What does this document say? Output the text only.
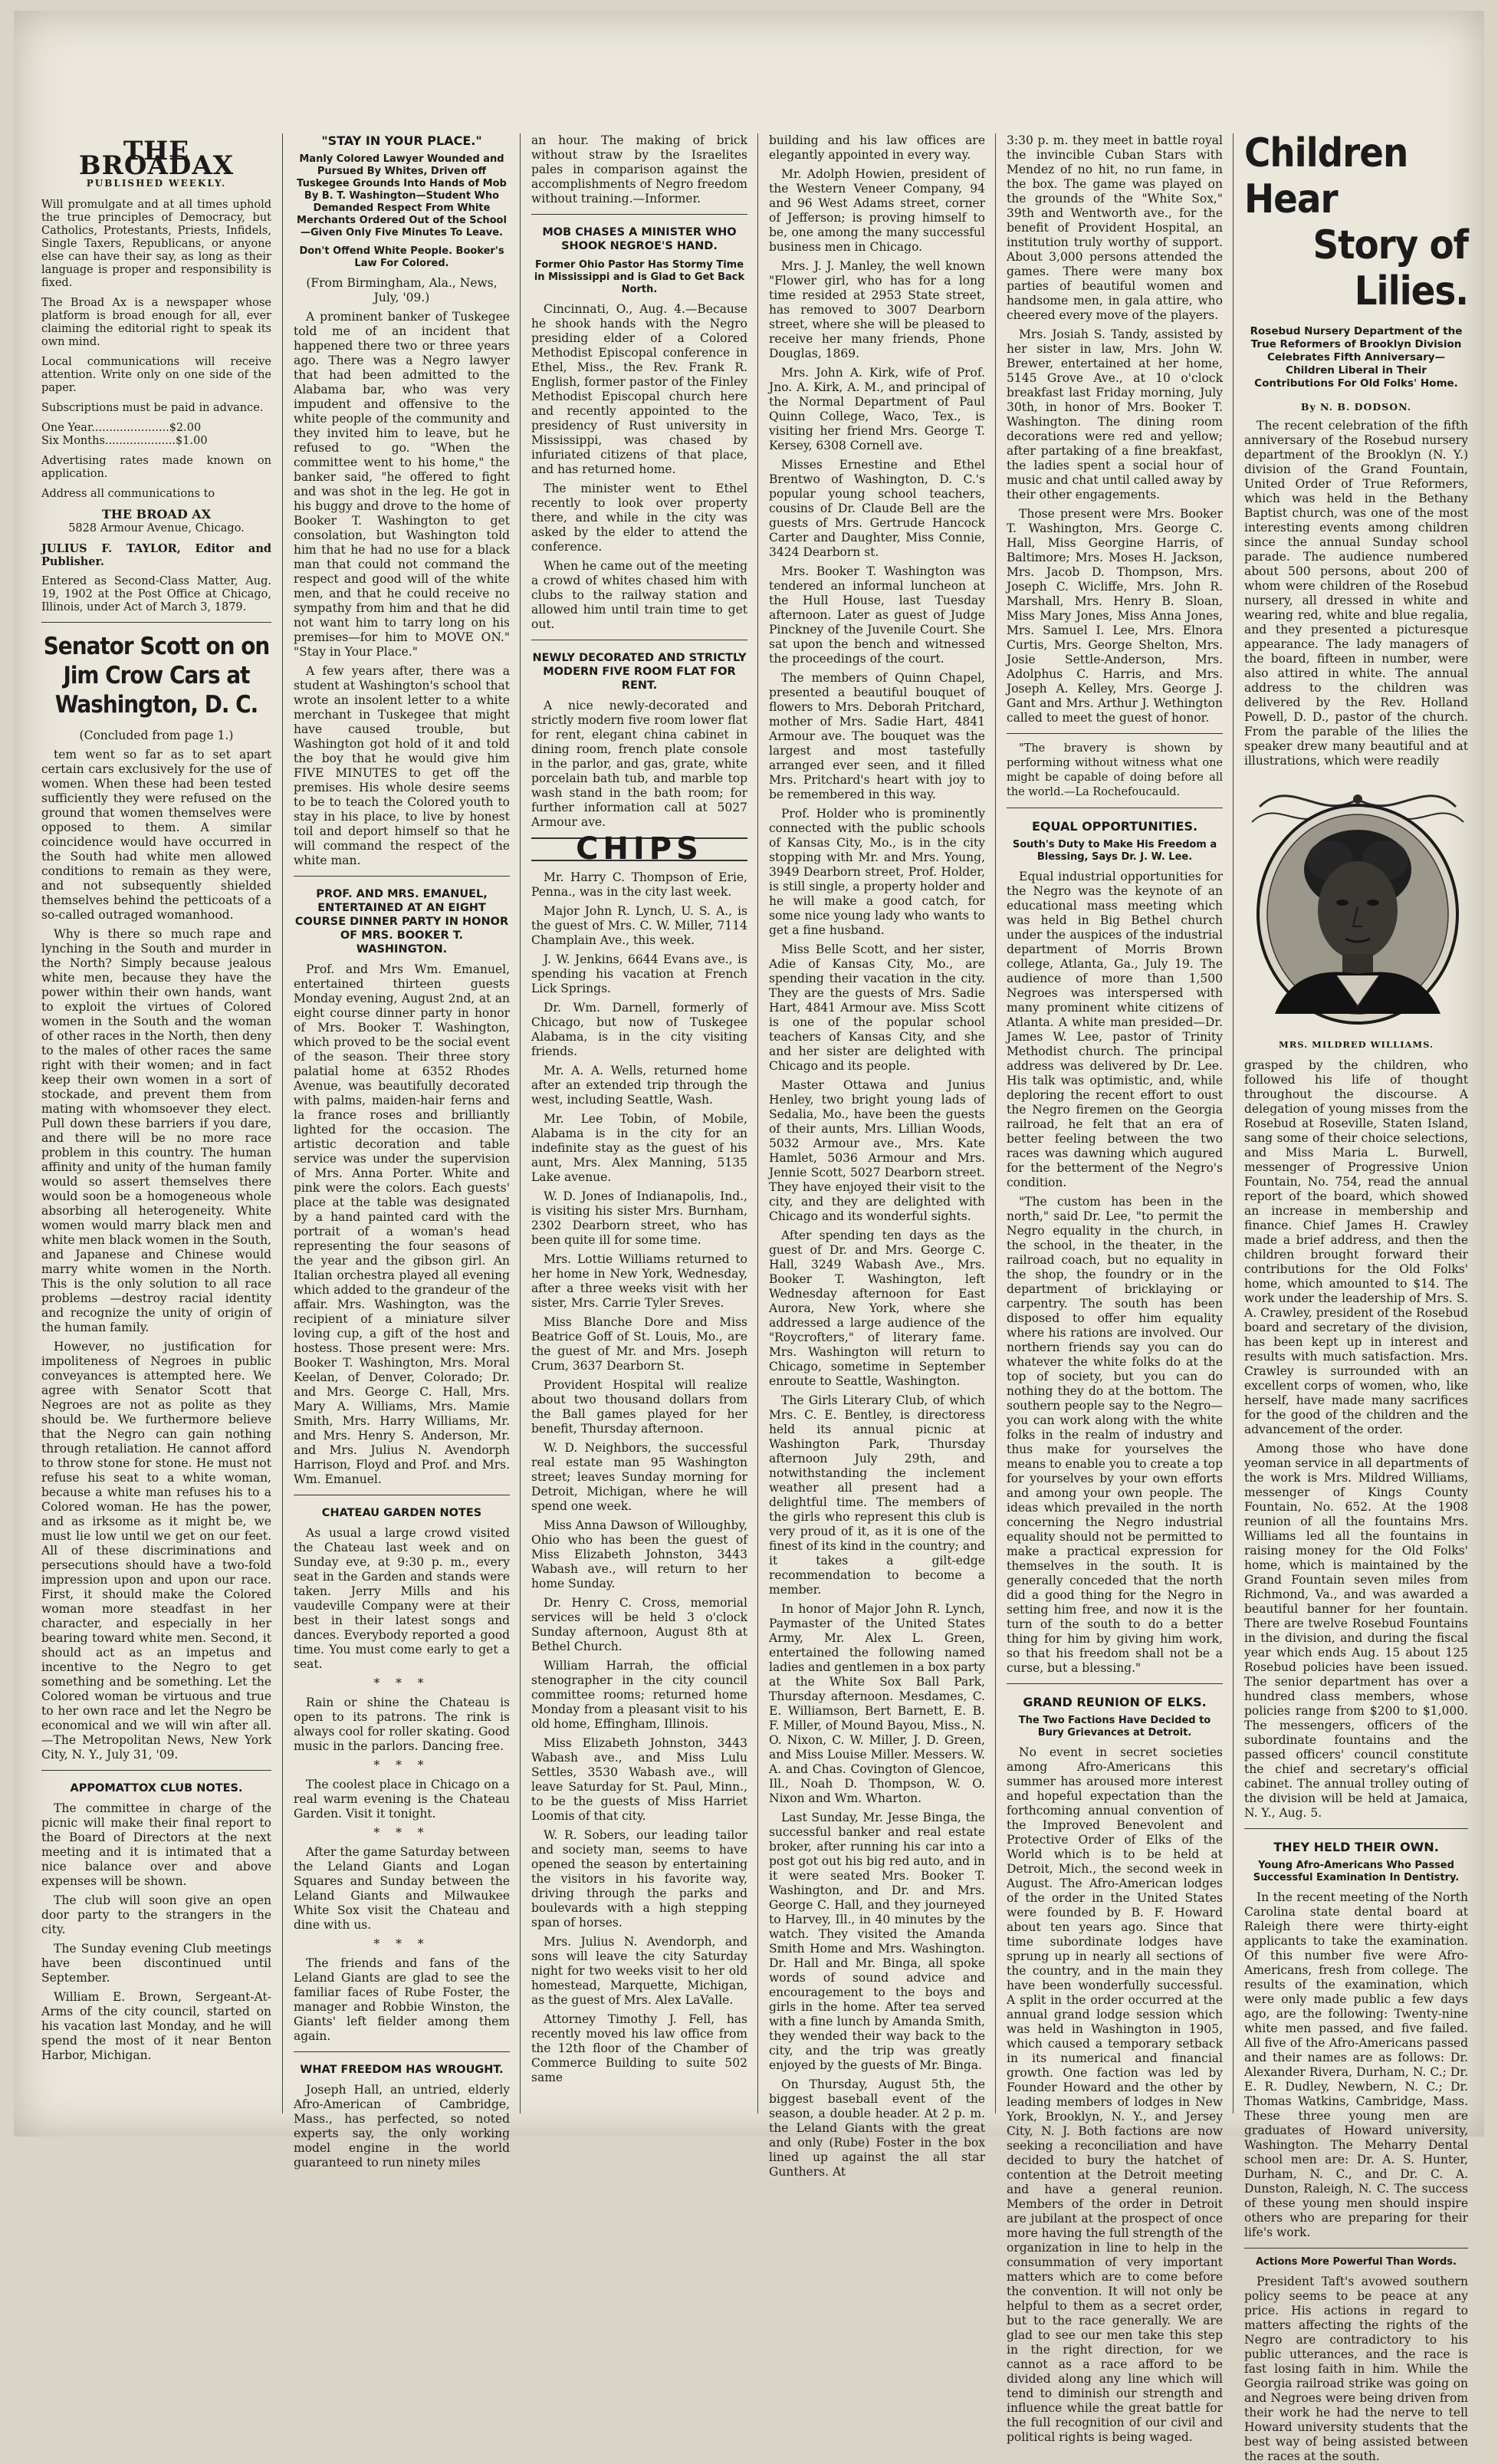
THE BROADAX
PUBLISHED WEEKLY.

Will promulgate and at all times uphold the true principles of Democracy, but Catholics, Protestants, Priests, Infidels, Single Taxers, Republicans, or anyone else can have their say, as long as their language is proper and responsibility is fixed.

The Broad Ax is a newspaper whose platform is broad enough for all, ever claiming the editorial right to speak its own mind.

Local communications will receive attention. Write only on one side of the paper.

Subscriptions must be paid in advance.

One Year......................$2.00

Six Months....................$1.00

Advertising rates made known on application.

Address all communications to

THE BROAD AX

5828 Armour Avenue, Chicago.

JULIUS F. TAYLOR, Editor and Publisher.

Entered as Second-Class Matter, Aug. 19, 1902 at the Post Office at Chicago, Illinois, under Act of March 3, 1879.

Senator Scott on on Jim Crow Cars at Washington, D. C.
(Concluded from page 1.)

tem went so far as to set apart certain cars exclusively for the use of women. When these had been tested sufficiently they were refused on the ground that women themselves were opposed to them. A similar coincidence would have occurred in the South had white men allowed conditions to remain as they were, and not subsequently shielded themselves behind the petticoats of a so-called outraged womanhood.

Why is there so much rape and lynching in the South and murder in the North? Simply because jealous white men, because they have the power within their own hands, want to exploit the virtues of Colored women in the South and the woman of other races in the North, then deny to the males of other races the same right with their women; and in fact keep their own women in a sort of stockade, and prevent them from mating with whomsoever they elect. Pull down these barriers if you dare, and there will be no more race problem in this country. The human affinity and unity of the human family would so assert themselves there would soon be a homogeneous whole absorbing all heterogeneity. White women would marry black men and white men black women in the South, and Japanese and Chinese would marry white women in the North. This is the only solution to all race problems —destroy racial identity and recognize the unity of origin of the human family.

However, no justification for impoliteness of Negroes in public conveyances is attempted here. We agree with Senator Scott that Negroes are not as polite as they should be. We furthermore believe that the Negro can gain nothing through retaliation. He cannot afford to throw stone for stone. He must not refuse his seat to a white woman, because a white man refuses his to a Colored woman. He has the power, and as irksome as it might be, we must lie low until we get on our feet. All of these discriminations and persecutions should have a two-fold impression upon and upon our race. First, it should make the Colored woman more steadfast in her character, and especially in her bearing toward white men. Second, it should act as an impetus and incentive to the Negro to get something and be something. Let the Colored woman be virtuous and true to her own race and let the Negro be economical and we will win after all.—The Metropolitan News, New York City, N. Y., July 31, '09.

APPOMATTOX CLUB NOTES.

The committee in charge of the picnic will make their final report to the Board of Directors at the next meeting and it is intimated that a nice balance over and above expenses will be shown.

The club will soon give an open door party to the strangers in the city.

The Sunday evening Club meetings have been discontinued until September.

William E. Brown, Sergeant-At-Arms of the city council, started on his vacation last Monday, and he will spend the most of it near Benton Harbor, Michigan.

"STAY IN YOUR PLACE."
Manly Colored Lawyer Wounded and Pursued By Whites, Driven off Tuskegee Grounds Into Hands of Mob By B. T. Washington—Student Who Demanded Respect From White Merchants Ordered Out of the School—Given Only Five Minutes To Leave.
Don't Offend White People. Booker's Law For Colored.
(From Birmingham, Ala., News, July, '09.)

A prominent banker of Tuskegee told me of an incident that happened there two or three years ago. There was a Negro lawyer that had been admitted to the Alabama bar, who was very impudent and offensive to the white people of the community and they invited him to leave, but he refused to go. "When the committee went to his home," the banker said, "he offered to fight and was shot in the leg. He got in his buggy and drove to the home of Booker T. Washington to get consolation, but Washington told him that he had no use for a black man that could not command the respect and good will of the white men, and that he could receive no sympathy from him and that he did not want him to tarry long on his premises—for him to MOVE ON." "Stay in Your Place."

A few years after, there was a student at Washington's school that wrote an insolent letter to a white merchant in Tuskegee that might have caused trouble, but Washington got hold of it and told the boy that he would give him FIVE MINUTES to get off the premises. His whole desire seems to be to teach the Colored youth to stay in his place, to live by honest toil and deport himself so that he will command the respect of the white man.

PROF. AND MRS. EMANUEL, ENTERTAINED AT AN EIGHT COURSE DINNER PARTY IN HONOR OF MRS. BOOKER T. WASHINGTON.

Prof. and Mrs Wm. Emanuel, entertained thirteen guests Monday evening, August 2nd, at an eight course dinner party in honor of Mrs. Booker T. Washington, which proved to be the social event of the season. Their three story palatial home at 6352 Rhodes Avenue, was beautifully decorated with palms, maiden-hair ferns and la france roses and brilliantly lighted for the occasion. The artistic decoration and table service was under the supervision of Mrs. Anna Porter. White and pink were the colors. Each guests' place at the table was designated by a hand painted card with the portrait of a woman's head representing the four seasons of the year and the gibson girl. An Italian orchestra played all evening which added to the grandeur of the affair. Mrs. Washington, was the recipient of a miniature silver loving cup, a gift of the host and hostess. Those present were: Mrs. Booker T. Washington, Mrs. Moral Keelan, of Denver, Colorado; Dr. and Mrs. George C. Hall, Mrs. Mary A. Williams, Mrs. Mamie Smith, Mrs. Harry Williams, Mr. and Mrs. Henry S. Anderson, Mr. and Mrs. Julius N. Avendorph Harrison, Floyd and Prof. and Mrs. Wm. Emanuel.

CHATEAU GARDEN NOTES

As usual a large crowd visited the Chateau last week and on Sunday eve, at 9:30 p. m., every seat in the Garden and stands were taken. Jerry Mills and his vaudeville Company were at their best in their latest songs and dances. Everybody reported a good time. You must come early to get a seat.

* * *

Rain or shine the Chateau is open to its patrons. The rink is always cool for roller skating. Good music in the parlors. Dancing free.

* * *

The coolest place in Chicago on a real warm evening is the Chateau Garden. Visit it tonight.

* * *

After the game Saturday between the Leland Giants and Logan Squares and Sunday between the Leland Giants and Milwaukee White Sox visit the Chateau and dine with us.

* * *

The friends and fans of the Leland Giants are glad to see the familiar faces of Rube Foster, the manager and Robbie Winston, the Giants' left fielder among them again.

WHAT FREEDOM HAS WROUGHT.

Joseph Hall, an untried, elderly Afro-American of Cambridge, Mass., has perfected, so noted experts say, the only working model engine in the world guaranteed to run ninety miles

an hour. The making of brick without straw by the Israelites pales in comparison against the accomplishments of Negro freedom without training.—Informer.

MOB CHASES A MINISTER WHO SHOOK NEGROE'S HAND.
Former Ohio Pastor Has Stormy Time in Mississippi and is Glad to Get Back North.

Cincinnati, O., Aug. 4.—Because he shook hands with the Negro presiding elder of a Colored Methodist Episcopal conference in Ethel, Miss., the Rev. Frank R. English, former pastor of the Finley Methodist Episcopal church here and recently appointed to the presidency of Rust university in Mississippi, was chased by infuriated citizens of that place, and has returned home.

The minister went to Ethel recently to look over property there, and while in the city was asked by the elder to attend the conference.

When he came out of the meeting a crowd of whites chased him with clubs to the railway station and allowed him until train time to get out.

NEWLY DECORATED AND STRICTLY MODERN FIVE ROOM FLAT FOR RENT.

A nice newly-decorated and strictly modern five room lower flat for rent, elegant china cabinet in dining room, french plate console in the parlor, and gas, grate, white porcelain bath tub, and marble top wash stand in the bath room; for further information call at 5027 Armour ave.

CHIPS

Mr. Harry C. Thompson of Erie, Penna., was in the city last week.

Major John R. Lynch, U. S. A., is the guest of Mrs. C. W. Miller, 7114 Champlain Ave., this week.

J. W. Jenkins, 6644 Evans ave., is spending his vacation at French Lick Springs.

Dr. Wm. Darnell, formerly of Chicago, but now of Tuskegee Alabama, is in the city visiting friends.

Mr. A. A. Wells, returned home after an extended trip through the west, including Seattle, Wash.

Mr. Lee Tobin, of Mobile, Alabama is in the city for an indefinite stay as the guest of his aunt, Mrs. Alex Manning, 5135 Lake avenue.

W. D. Jones of Indianapolis, Ind., is visiting his sister Mrs. Burnham, 2302 Dearborn street, who has been quite ill for some time.

Mrs. Lottie Williams returned to her home in New York, Wednesday, after a three weeks visit with her sister, Mrs. Carrie Tyler Sreves.

Miss Blanche Dore and Miss Beatrice Goff of St. Louis, Mo., are the guest of Mr. and Mrs. Joseph Crum, 3637 Dearborn St.

Provident Hospital will realize about two thousand dollars from the Ball games played for her benefit, Thursday afternoon.

W. D. Neighbors, the successful real estate man 95 Washington street; leaves Sunday morning for Detroit, Michigan, where he will spend one week.

Miss Anna Dawson of Willoughby, Ohio who has been the guest of Miss Elizabeth Johnston, 3443 Wabash ave., will return to her home Sunday.

Dr. Henry C. Cross, memorial services will be held 3 o'clock Sunday afternoon, August 8th at Bethel Church.

William Harrah, the official stenographer in the city council committee rooms; returned home Monday from a pleasant visit to his old home, Effingham, Illinois.

Miss Elizabeth Johnston, 3443 Wabash ave., and Miss Lulu Settles, 3530 Wabash ave., will leave Saturday for St. Paul, Minn., to be the guests of Miss Harriet Loomis of that city.

W. R. Sobers, our leading tailor and society man, seems to have opened the season by entertaining the visitors in his favorite way, driving through the parks and boulevards with a high stepping span of horses.

Mrs. Julius N. Avendorph, and sons will leave the city Saturday night for two weeks visit to her old homestead, Marquette, Michigan, as the guest of Mrs. Alex LaValle.

Attorney Timothy J. Fell, has recently moved his law office from the 12th floor of the Chamber of Commerce Building to suite 502 same

building and his law offices are elegantly appointed in every way.

Mr. Adolph Howien, president of the Western Veneer Company, 94 and 96 West Adams street, corner of Jefferson; is proving himself to be, one among the many successful business men in Chicago.

Mrs. J. J. Manley, the well known "Flower girl, who has for a long time resided at 2953 State street, has removed to 3007 Dearborn street, where she will be pleased to receive her many friends, Phone Douglas, 1869.

Mrs. John A. Kirk, wife of Prof. Jno. A. Kirk, A. M., and principal of the Normal Department of Paul Quinn College, Waco, Tex., is visiting her friend Mrs. George T. Kersey, 6308 Cornell ave.

Misses Ernestine and Ethel Brentwo of Washington, D. C.'s popular young school teachers, cousins of Dr. Claude Bell are the guests of Mrs. Gertrude Hancock Carter and Daughter, Miss Connie, 3424 Dearborn st.

Mrs. Booker T. Washington was tendered an informal luncheon at the Hull House, last Tuesday afternoon. Later as guest of Judge Pinckney of the Juvenile Court. She sat upon the bench and witnessed the proceedings of the court.

The members of Quinn Chapel, presented a beautiful bouquet of flowers to Mrs. Deborah Pritchard, mother of Mrs. Sadie Hart, 4841 Armour ave. The bouquet was the largest and most tastefully arranged ever seen, and it filled Mrs. Pritchard's heart with joy to be remembered in this way.

Prof. Holder who is prominently connected with the public schools of Kansas City, Mo., is in the city stopping with Mr. and Mrs. Young, 3949 Dearborn street, Prof. Holder, is still single, a property holder and he will make a good catch, for some nice young lady who wants to get a fine husband.

Miss Belle Scott, and her sister, Adie of Kansas City, Mo., are spending their vacation in the city. They are the guests of Mrs. Sadie Hart, 4841 Armour ave. Miss Scott is one of the popular school teachers of Kansas City, and she and her sister are delighted with Chicago and its people.

Master Ottawa and Junius Henley, two bright young lads of Sedalia, Mo., have been the guests of their aunts, Mrs. Lillian Woods, 5032 Armour ave., Mrs. Kate Hamlet, 5036 Armour and Mrs. Jennie Scott, 5027 Dearborn street. They have enjoyed their visit to the city, and they are delighted with Chicago and its wonderful sights.

After spending ten days as the guest of Dr. and Mrs. George C. Hall, 3249 Wabash Ave., Mrs. Booker T. Washington, left Wednesday afternoon for East Aurora, New York, where she addressed a large audience of the "Roycrofters," of literary fame. Mrs. Washington will return to Chicago, sometime in September enroute to Seattle, Washington.

The Girls Literary Club, of which Mrs. C. E. Bentley, is directoress held its annual picnic at Washington Park, Thursday afternoon July 29th, and notwithstanding the inclement weather all present had a delightful time. The members of the girls who represent this club is very proud of it, as it is one of the finest of its kind in the country; and it takes a gilt-edge recommendation to become a member.

In honor of Major John R. Lynch, Paymaster of the United States Army, Mr. Alex L. Green, entertained the following named ladies and gentlemen in a box party at the White Sox Ball Park, Thursday afternoon. Mesdames, C. E. Williamson, Bert Barnett, E. B. F. Miller, of Mound Bayou, Miss., N. O. Nixon, C. W. Miller, J. D. Green, and Miss Louise Miller. Messers. W. A. and Chas. Covington of Glencoe, Ill., Noah D. Thompson, W. O. Nixon and Wm. Wharton.

Last Sunday, Mr. Jesse Binga, the successful banker and real estate broker, after running his car into a post got out his big red auto, and in it were seated Mrs. Booker T. Washington, and Dr. and Mrs. George C. Hall, and they journeyed to Harvey, Ill., in 40 minutes by the watch. They visited the Amanda Smith Home and Mrs. Washington. Dr. Hall and Mr. Binga, all spoke words of sound advice and encouragement to the boys and girls in the home. After tea served with a fine lunch by Amanda Smith, they wended their way back to the city, and the trip was greatly enjoyed by the guests of Mr. Binga.

On Thursday, August 5th, the biggest baseball event of the season, a double header. At 2 p. m. the Leland Giants with the great and only (Rube) Foster in the box lined up against the all star Gunthers. At

3:30 p. m. they meet in battle royal the invincible Cuban Stars with Mendez of no hit, no run fame, in the box. The game was played on the grounds of the "White Sox," 39th and Wentworth ave., for the benefit of Provident Hospital, an institution truly worthy of support. About 3,000 persons attended the games. There were many box parties of beautiful women and handsome men, in gala attire, who cheered every move of the players.

Mrs. Josiah S. Tandy, assisted by her sister in law, Mrs. John W. Brewer, entertained at her home, 5145 Grove Ave., at 10 o'clock breakfast last Friday morning, July 30th, in honor of Mrs. Booker T. Washington. The dining room decorations were red and yellow; after partaking of a fine breakfast, the ladies spent a social hour of music and chat until called away by their other engagements.

Those present were Mrs. Booker T. Washington, Mrs. George C. Hall, Miss Georgine Harris, of Baltimore; Mrs. Moses H. Jackson, Mrs. Jacob D. Thompson, Mrs. Joseph C. Wicliffe, Mrs. John R. Marshall, Mrs. Henry B. Sloan, Miss Mary Jones, Miss Anna Jones, Mrs. Samuel I. Lee, Mrs. Elnora Curtis, Mrs. George Shelton, Mrs. Josie Settle-Anderson, Mrs. Adolphus C. Harris, and Mrs. Joseph A. Kelley, Mrs. George J. Gant and Mrs. Arthur J. Wethington called to meet the guest of honor.

"The bravery is shown by performing without witness what one might be capable of doing before all the world.—La Rochefoucauld.

EQUAL OPPORTUNITIES.
South's Duty to Make His Freedom a Blessing, Says Dr. J. W. Lee.

Equal industrial opportunities for the Negro was the keynote of an educational mass meeting which was held in Big Bethel church under the auspices of the industrial department of Morris Brown college, Atlanta, Ga., July 19. The audience of more than 1,500 Negroes was interspersed with many prominent white citizens of Atlanta. A white man presided—Dr. James W. Lee, pastor of Trinity Methodist church. The principal address was delivered by Dr. Lee. His talk was optimistic, and, while deploring the recent effort to oust the Negro firemen on the Georgia railroad, he felt that an era of better feeling between the two races was dawning which augured for the betterment of the Negro's condition.

"The custom has been in the north," said Dr. Lee, "to permit the Negro equality in the church, in the school, in the theater, in the railroad coach, but no equality in the shop, the foundry or in the department of bricklaying or carpentry. The south has been disposed to offer him equality where his rations are involved. Our northern friends say you can do whatever the white folks do at the top of society, but you can do nothing they do at the bottom. The southern people say to the Negro—you can work along with the white folks in the realm of industry and thus make for yourselves the means to enable you to create a top for yourselves by your own efforts and among your own people. The ideas which prevailed in the north concerning the Negro industrial equality should not be permitted to make a practical expression for themselves in the south. It is generally conceded that the north did a good thing for the Negro in setting him free, and now it is the turn of the south to do a better thing for him by giving him work, so that his freedom shall not be a curse, but a blessing."

GRAND REUNION OF ELKS.
The Two Factions Have Decided to Bury Grievances at Detroit.

No event in secret societies among Afro-Americans this summer has aroused more interest and hopeful expectation than the forthcoming annual convention of the Improved Benevolent and Protective Order of Elks of the World which is to be held at Detroit, Mich., the second week in August. The Afro-American lodges of the order in the United States were founded by B. F. Howard about ten years ago. Since that time subordinate lodges have sprung up in nearly all sections of the country, and in the main they have been wonderfully successful. A split in the order occurred at the annual grand lodge session which was held in Washington in 1905, which caused a temporary setback in its numerical and financial growth. One faction was led by Founder Howard and the other by leading members of lodges in New York, Brooklyn, N. Y., and Jersey City, N. J. Both factions are now seeking a reconciliation and have decided to bury the hatchet of contention at the Detroit meeting and have a general reunion. Members of the order in Detroit are jubilant at the prospect of once more having the full strength of the organization in line to help in the consummation of very important matters which are to come before the convention. It will not only be helpful to them as a secret order, but to the race generally. We are glad to see our men take this step in the right direction, for we cannot as a race afford to be divided along any line which will tend to diminish our strength and influence while the great battle for the full recognition of our civil and political rights is being waged.

Children Hear
Story of Lilies.
Rosebud Nursery Department of the True Reformers of Brooklyn Division Celebrates Fifth Anniversary—Children Liberal in Their Contributions For Old Folks' Home.
By N. B. DODSON.

The recent celebration of the fifth anniversary of the Rosebud nursery department of the Brooklyn (N. Y.) division of the Grand Fountain, United Order of True Reformers, which was held in the Bethany Baptist church, was one of the most interesting events among children since the annual Sunday school parade. The audience numbered about 500 persons, about 200 of whom were children of the Rosebud nursery, all dressed in white and wearing red, white and blue regalia, and they presented a picturesque appearance. The lady managers of the board, fifteen in number, were also attired in white. The annual address to the children was delivered by the Rev. Holland Powell, D. D., pastor of the church. From the parable of the lilies the speaker drew many beautiful and at illustrations, which were readily

MRS. MILDRED WILLIAMS.

grasped by the children, who followed his life of thought throughout the discourse. A delegation of young misses from the Rosebud at Roseville, Staten Island, sang some of their choice selections, and Miss Maria L. Burwell, messenger of Progressive Union Fountain, No. 754, read the annual report of the board, which showed an increase in membership and finance. Chief James H. Crawley made a brief address, and then the children brought forward their contributions for the Old Folks' home, which amounted to $14. The work under the leadership of Mrs. S. A. Crawley, president of the Rosebud board and secretary of the division, has been kept up in interest and results with much satisfaction. Mrs. Crawley is surrounded with an excellent corps of women, who, like herself, have made many sacrifices for the good of the children and the advancement of the order.

Among those who have done yeoman service in all departments of the work is Mrs. Mildred Williams, messenger of Kings County Fountain, No. 652. At the 1908 reunion of all the fountains Mrs. Williams led all the fountains in raising money for the Old Folks' home, which is maintained by the Grand Fountain seven miles from Richmond, Va., and was awarded a beautiful banner for her fountain. There are twelve Rosebud Fountains in the division, and during the fiscal year which ends Aug. 15 about 125 Rosebud policies have been issued. The senior department has over a hundred class members, whose policies range from $200 to $1,000. The messengers, officers of the subordinate fountains and the passed officers' council constitute the chief and secretary's official cabinet. The annual trolley outing of the division will be held at Jamaica, N. Y., Aug. 5.

THEY HELD THEIR OWN.
Young Afro-Americans Who Passed Successful Examination In Dentistry.

In the recent meeting of the North Carolina state dental board at Raleigh there were thirty-eight applicants to take the examination. Of this number five were Afro-Americans, fresh from college. The results of the examination, which were only made public a few days ago, are the following: Twenty-nine white men passed, and five failed. All five of the Afro-Americans passed and their names are as follows: Dr. Alexander Rivera, Durham, N. C.; Dr. E. R. Dudley, Newbern, N. C.; Dr. Thomas Watkins, Cambridge, Mass. These three young men are graduates of Howard university, Washington. The Meharry Dental school men are: Dr. A. S. Hunter, Durham, N. C., and Dr. C. A. Dunston, Raleigh, N. C. The success of these young men should inspire others who are preparing for their life's work.

Actions More Powerful Than Words.

President Taft's avowed southern policy seems to be peace at any price. His actions in regard to matters affecting the rights of the Negro are contradictory to his public utterances, and the race is fast losing faith in him. While the Georgia railroad strike was going on and Negroes were being driven from their work he had the nerve to tell Howard university students that the best way of being assisted between the races at the south.
